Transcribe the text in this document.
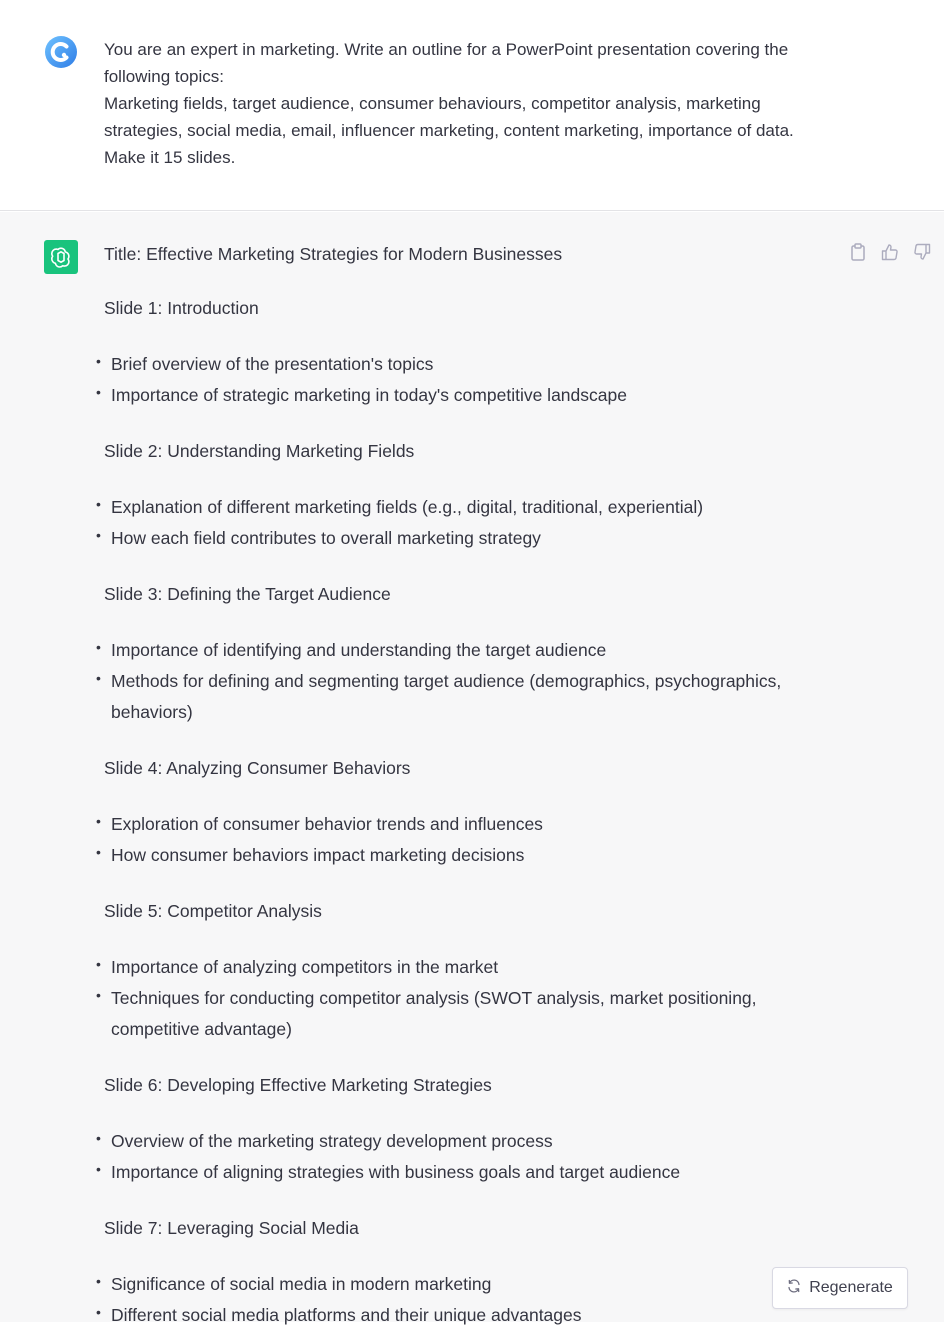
You are an expert in marketing. Write an outline for a PowerPoint presentation covering the
following topics:
Marketing fields, target audience, consumer behaviours, competitor analysis, marketing
strategies, social media, email, influencer marketing, content marketing, importance of data.
Make it 15 slides.
Title: Effective Marketing Strategies for Modern Businesses
Slide 1: Introduction
• Brief overview of the presentation's topics
• Importance of strategic marketing in today's competitive landscape
Slide 2: Understanding Marketing Fields
• Explanation of different marketing fields (e.g., digital, traditional, experiential)
• How each field contributes to overall marketing strategy
Slide 3: Defining the Target Audience
• Importance of identifying and understanding the target audience
• Methods for defining and segmenting target audience (demographics, psychographics, behaviors)
Slide 4: Analyzing Consumer Behaviors
• Exploration of consumer behavior trends and influences
• How consumer behaviors impact marketing decisions
Slide 5: Competitor Analysis
• Importance of analyzing competitors in the market
• Techniques for conducting competitor analysis (SWOT analysis, market positioning, competitive advantage)
Slide 6: Developing Effective Marketing Strategies
• Overview of the marketing strategy development process
• Importance of aligning strategies with business goals and target audience
Slide 7: Leveraging Social Media
• Significance of social media in modern marketing
• Different social media platforms and their unique advantages
Regenerate
